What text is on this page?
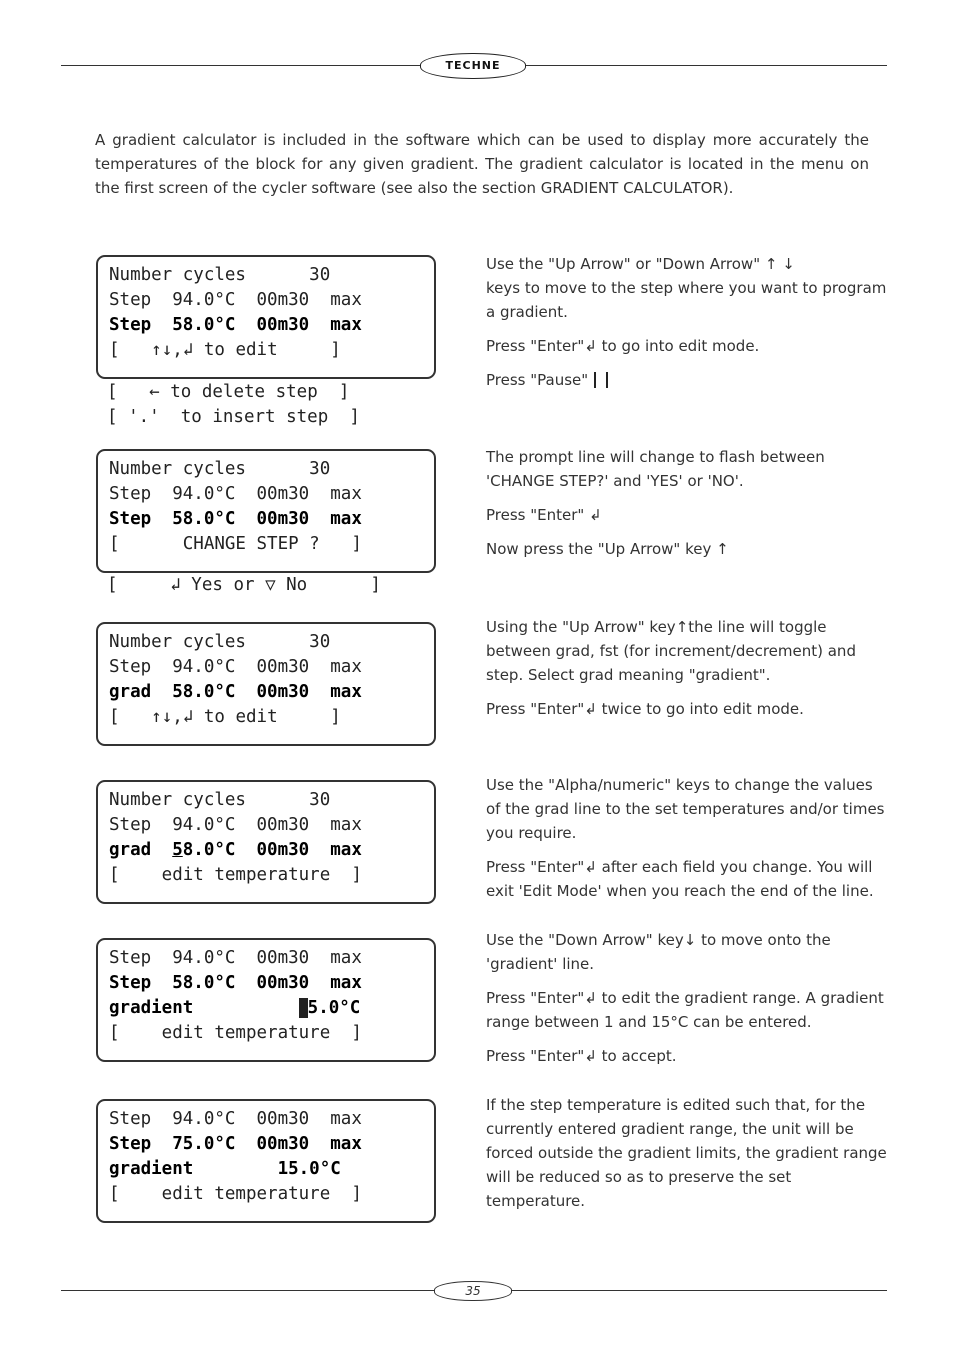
TECHNE
A gradient calculator is included in the software which can be used to display more accurately the temperatures of the block for any given gradient. The gradient calculator is located in the menu on the first screen of the cycler software (see also the section GRADIENT CALCULATOR).
Number cycles      30
Step  94.0°C  00m30  max
Step  58.0°C  00m30  max
[   ↑↓,↲ to edit     ]
[   ← to delete step  ]
[ '.'  to insert step  ]
Number cycles      30
Step  94.0°C  00m30  max
Step  58.0°C  00m30  max
[      CHANGE STEP ?   ]
[     ↲ Yes or ▽ No      ]
Number cycles      30
Step  94.0°C  00m30  max
grad  58.0°C  00m30  max
[   ↑↓,↲ to edit     ]
Number cycles      30
Step  94.0°C  00m30  max
grad  58.0°C  00m30  max
[    edit temperature  ]
Step  94.0°C  00m30  max
Step  58.0°C  00m30  max
gradient          5.0°C
[    edit temperature  ]
Step  94.0°C  00m30  max
Step  75.0°C  00m30  max
gradient        15.0°C
[    edit temperature  ]

Use the "Up Arrow" or "Down Arrow" ↑ ↓
keys to move to the step where you want to program a gradient.

Press "Enter"↲ to go into edit mode.

Press "Pause"

The prompt line will change to flash between 'CHANGE STEP?' and 'YES' or 'NO'.

Press "Enter" ↲

Now press the "Up Arrow" key ↑

Using the "Up Arrow" key↑the line will toggle between grad, fst (for increment/decrement) and step. Select grad meaning "gradient".

Press "Enter"↲ twice to go into edit mode.

Use the "Alpha/numeric" keys to change the values of the grad line to the set temperatures and/or times you require.

Press "Enter"↲ after each field you change. You will exit 'Edit Mode' when you reach the end of the line.

Use the "Down Arrow" key↓ to move onto the 'gradient' line.

Press "Enter"↲ to edit the gradient range. A gradient range between 1 and 15°C can be entered.

Press "Enter"↲ to accept.

If the step temperature is edited such that, for the currently entered gradient range, the unit will be forced outside the gradient limits, the gradient range will be reduced so as to preserve the set temperature.

35
